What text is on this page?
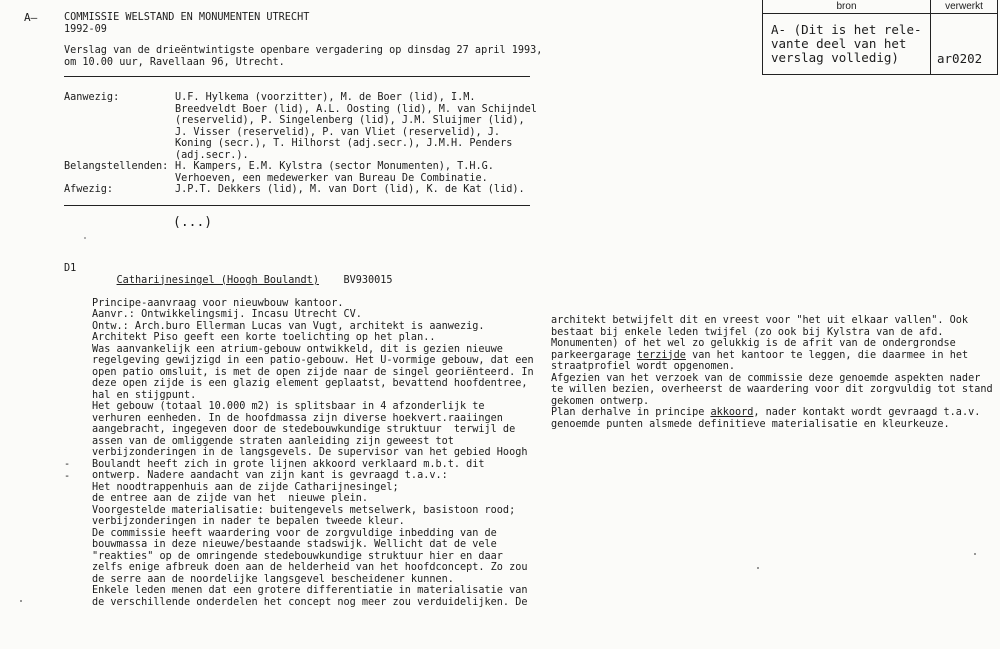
A—	COMMISSIE WELSTAND EN MONUMENTEN UTRECHT
1992-09
Verslag van de drieëntwintigste openbare vergadering op dinsdag 27 april 1993,
om 10.00 uur, Ravellaan 96, Utrecht.
bron	verwerkt
A- (Dit is het rele-
vante deel van het
verslag volledig)	ar0202
Aanwezig:	U.F. Hylkema (voorzitter), M. de Boer (lid), I.M.
Breedveldt Boer (lid), A.L. Oosting (lid), M. van Schijndel
(reservelid), P. Singelenberg (lid), J.M. Sluijmer (lid),
J. Visser (reservelid), P. van Vliet (reservelid), J.
Koning (secr.), T. Hilhorst (adj.secr.), J.M.H. Penders
(adj.secr.).
Belangstellenden: H. Kampers, E.M. Kylstra (sector Monumenten), T.H.G.
Verhoeven, een medewerker van Bureau De Combinatie.
Afwezig:	J.P.T. Dekkers (lid), M. van Dort (lid), K. de Kat (lid).
(...)
D1

Catharijnesingel (Hoogh Boulandt) BV930015

Principe-aanvraag voor nieuwbouw kantoor.
Aanvr.: Ontwikkelingsmij. Incasu Utrecht CV.
Ontw.: Arch.buro Ellerman Lucas van Vugt, architekt is aanwezig.
Architekt Piso geeft een korte toelichting op het plan..
Was aanvankelijk een atrium-gebouw ontwikkeld, dit is gezien nieuwe
regelgeving gewijzigd in een patio-gebouw. Het U-vormige gebouw, dat een
open patio omsluit, is met de open zijde naar de singel georiënteerd. In
deze open zijde is een glazig element geplaatst, bevattend hoofdentree,
hal en stijgpunt.
Het gebouw (totaal 10.000 m2) is splitsbaar in 4 afzonderlijk te
verhuren eenheden. In de hoofdmassa zijn diverse hoekvert.raaiingen
aangebracht, ingegeven door de stedebouwkundige struktuur  terwijl de
assen van de omliggende straten aanleiding zijn geweest tot
verbijzonderingen in de langsgevels. De supervisor van het gebied Hoogh
Boulandt heeft zich in grote lijnen akkoord verklaard m.b.t. dit
ontwerp. Nadere aandacht van zijn kant is gevraagd t.a.v.:
Het noodtrappenhuis aan de zijde Catharijnesingel;
de entree aan de zijde van het  nieuwe plein.
Voorgestelde materialisatie: buitengevels metselwerk, basistoon rood;
verbijzonderingen in nader te bepalen tweede kleur.
De commissie heeft waardering voor de zorgvuldige inbedding van de
bouwmassa in deze nieuwe/bestaande stadswijk. Wellicht dat de vele
"reakties" op de omringende stedebouwkundige struktuur hier en daar
zelfs enige afbreuk doen aan de helderheid van het hoofdconcept. Zo zou
de serre aan de noordelijke langsgevel bescheidener kunnen.
Enkele leden menen dat een grotere differentiatie in materialisatie van
de verschillende onderdelen het concept nog meer zou verduidelijken. De
-
-
architekt betwijfelt dit en vreest voor "het uit elkaar vallen". Ook
bestaat bij enkele leden twijfel (zo ook bij Kylstra van de afd.
Monumenten) of het wel zo gelukkig is de afrit van de ondergrondse
parkeergarage terzijde van het kantoor te leggen, die daarmee in het
straatprofiel wordt opgenomen.
Afgezien van het verzoek van de commissie deze genoemde aspekten nader
te willen bezien, overheerst de waardering voor dit zorgvuldig tot stand
gekomen ontwerp.
Plan derhalve in principe akkoord, nader kontakt wordt gevraagd t.a.v.
genoemde punten alsmede definitieve materialisatie en kleurkeuze.
